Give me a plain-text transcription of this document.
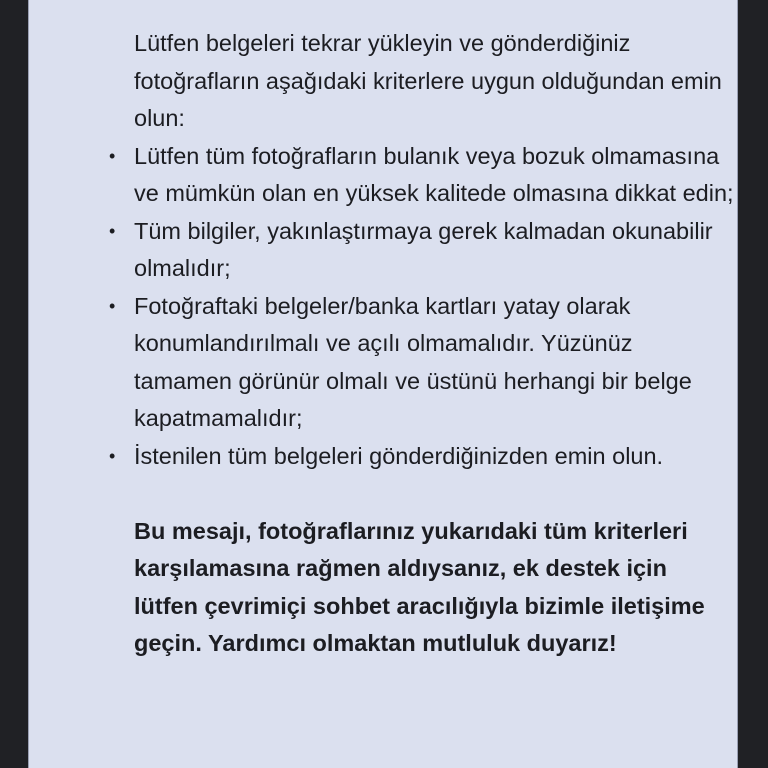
Lütfen belgeleri tekrar yükleyin ve gönderdiğiniz fotoğrafların aşağıdaki kriterlere uygun olduğundan emin olun:

• Lütfen tüm fotoğrafların bulanık veya bozuk olmamasına ve mümkün olan en yüksek kalitede olmasına dikkat edin;
• Tüm bilgiler, yakınlaştırmaya gerek kalmadan okunabilir olmalıdır;
• Fotoğraftaki belgeler/banka kartları yatay olarak konumlandırılmalı ve açılı olmamalıdır. Yüzünüz tamamen görünür olmalı ve üstünü herhangi bir belge kapatmamalıdır;
• İstenilen tüm belgeleri gönderdiğinizden emin olun.

Bu mesajı, fotoğraflarınız yukarıdaki tüm kriterleri karşılamasına rağmen aldıysanız, ek destek için lütfen çevrimiçi sohbet aracılığıyla bizimle iletişime geçin. Yardımcı olmaktan mutluluk duyarız!
